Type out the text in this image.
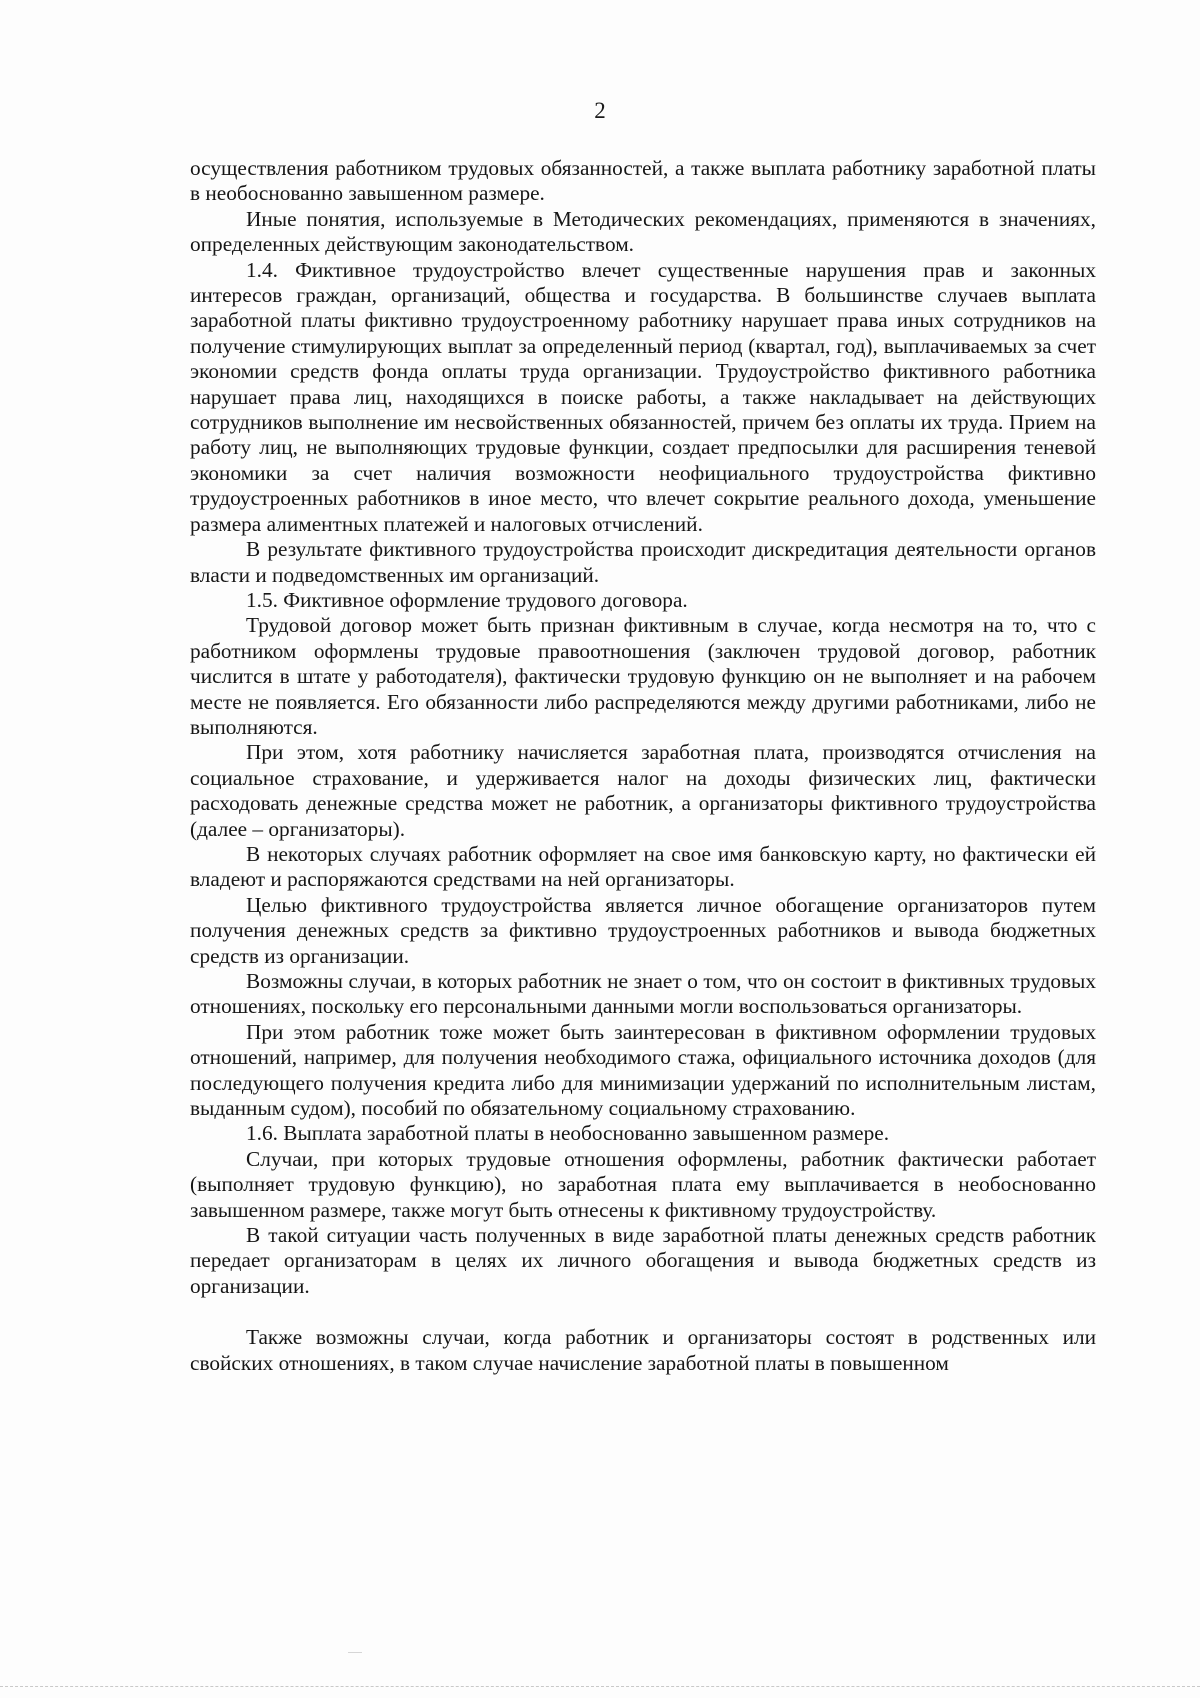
2

осуществления работником трудовых обязанностей, а также выплата работнику заработной платы в необоснованно завышенном размере.

Иные понятия, используемые в Методических рекомендациях, применяются в значениях, определенных действующим законодательством.

1.4. Фиктивное трудоустройство влечет существенные нарушения прав и законных интересов граждан, организаций, общества и государства. В большинстве случаев выплата заработной платы фиктивно трудоустроенному работнику нарушает права иных сотрудников на получение стимулирующих выплат за определенный период (квартал, год), выплачиваемых за счет экономии средств фонда оплаты труда организации. Трудоустройство фиктивного работника нарушает права лиц, находящихся в поиске работы, а также накладывает на действующих сотрудников выполнение им несвойственных обязанностей, причем без оплаты их труда. Прием на работу лиц, не выполняющих трудовые функции, создает предпосылки для расширения теневой экономики за счет наличия возможности неофициального трудоустройства фиктивно трудоустроенных работников в иное место, что влечет сокрытие реального дохода, уменьшение размера алиментных платежей и налоговых отчислений.

В результате фиктивного трудоустройства происходит дискредитация деятельности органов власти и подведомственных им организаций.

1.5. Фиктивное оформление трудового договора.

Трудовой договор может быть признан фиктивным в случае, когда несмотря на то, что с работником оформлены трудовые правоотношения (заключен трудовой договор, работник числится в штате у работодателя), фактически трудовую функцию он не выполняет и на рабочем месте не появляется. Его обязанности либо распределяются между другими работниками, либо не выполняются.

При этом, хотя работнику начисляется заработная плата, производятся отчисления на социальное страхование, и удерживается налог на доходы физических лиц, фактически расходовать денежные средства может не работник, а организаторы фиктивного трудоустройства (далее – организаторы).

В некоторых случаях работник оформляет на свое имя банковскую карту, но фактически ей владеют и распоряжаются средствами на ней организаторы.

Целью фиктивного трудоустройства является личное обогащение организаторов путем получения денежных средств за фиктивно трудоустроенных работников и вывода бюджетных средств из организации.

Возможны случаи, в которых работник не знает о том, что он состоит в фиктивных трудовых отношениях, поскольку его персональными данными могли воспользоваться организаторы.

При этом работник тоже может быть заинтересован в фиктивном оформлении трудовых отношений, например, для получения необходимого стажа, официального источника доходов (для последующего получения кредита либо для минимизации удержаний по исполнительным листам, выданным судом), пособий по обязательному социальному страхованию.

1.6. Выплата заработной платы в необоснованно завышенном размере.

Случаи, при которых трудовые отношения оформлены, работник фактически работает (выполняет трудовую функцию), но заработная плата ему выплачивается в необоснованно завышенном размере, также могут быть отнесены к фиктивному трудоустройству.

В такой ситуации часть полученных в виде заработной платы денежных средств работник передает организаторам в целях их личного обогащения и вывода бюджетных средств из организации.

Также возможны случаи, когда работник и организаторы состоят в родственных или свойских отношениях, в таком случае начисление заработной платы в повышенном
